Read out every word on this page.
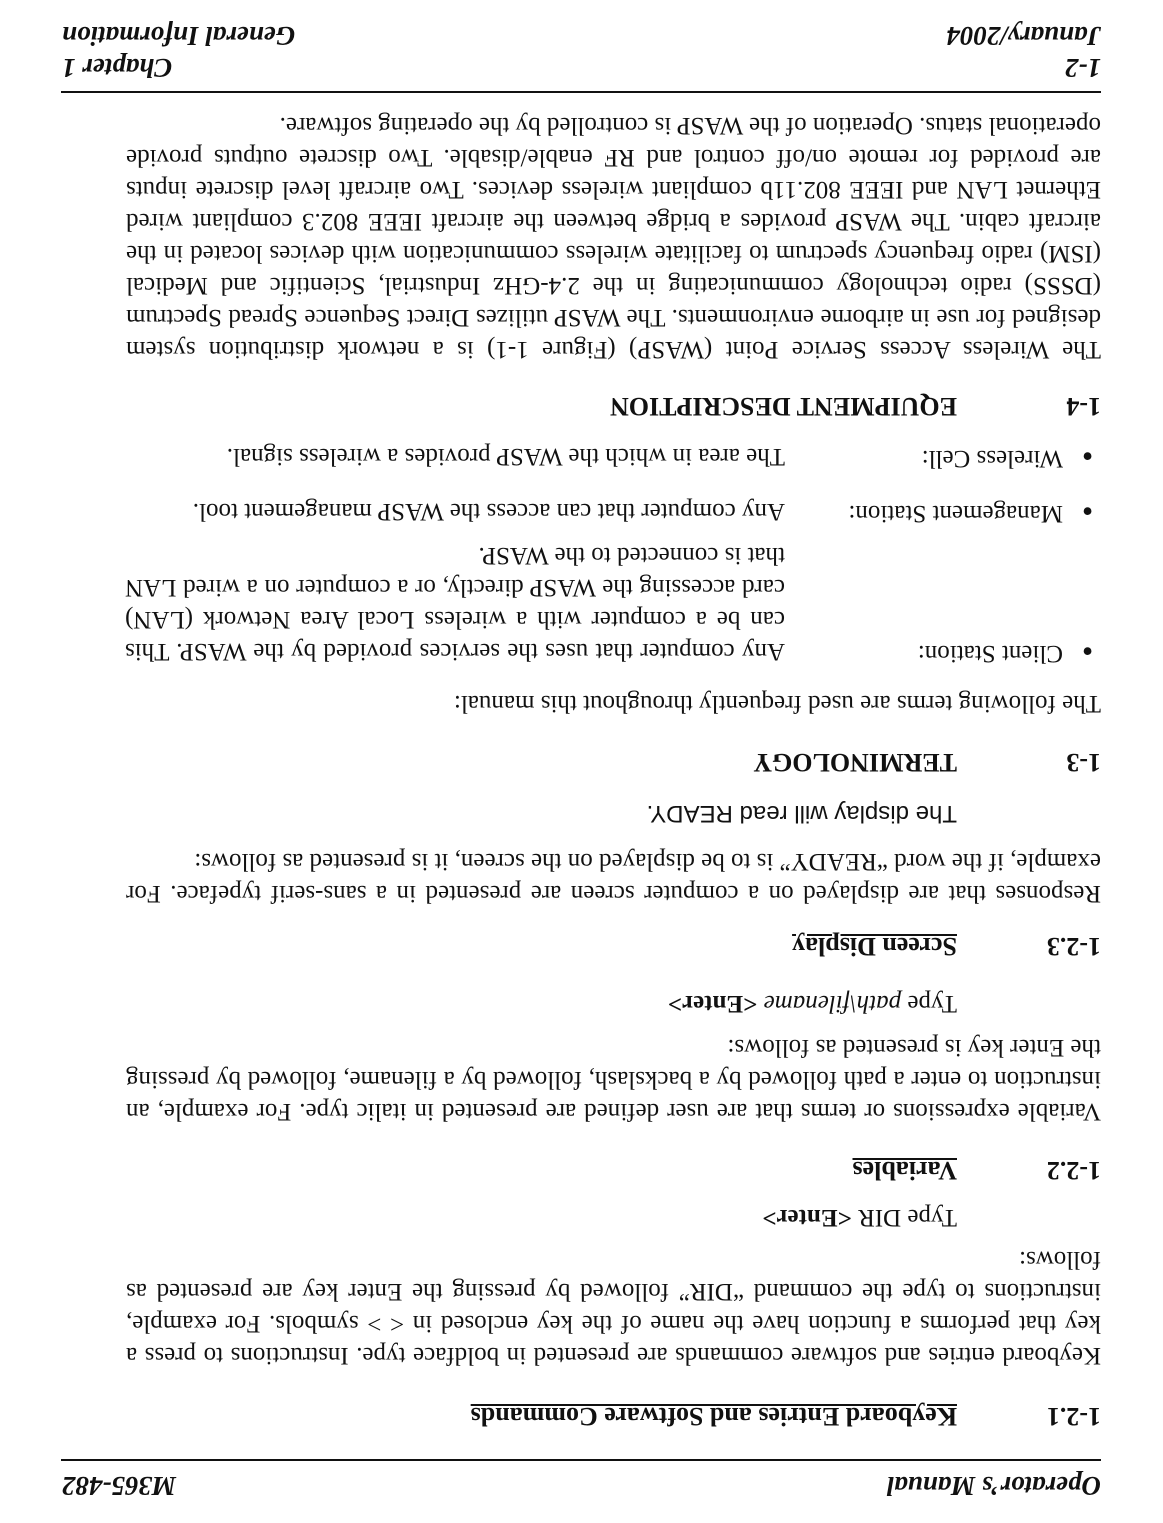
Operator’s Manual
M365-482
1-2.1
Keyboard Entries and Software Commands
Keyboard entries and software commands are presented in boldface type. Instructions to press a key that performs a function have the name of the key enclosed in < > symbols. For example, instructions to type the command “DIR” followed by pressing the Enter key are presented as follows:
Type DIR <Enter>
1-2.2
Variables
Variable expressions or terms that are user defined are presented in italic type. For example, an instruction to enter a path followed by a backslash, followed by a filename, followed by pressing the Enter key is presented as follows:
Type path\filename <Enter>
1-2.3
Screen Display
Responses that are displayed on a computer screen are presented in a sans-serif typeface. For example, if the word “READY” is to be displayed on the screen, it is presented as follows:
The display will read READY.
1-3
TERMINOLOGY
The following terms are used frequently throughout this manual:
●
Client Station:
Any computer that uses the services provided by the WASP. This can be a computer with a wireless Local Area Network (LAN) card accessing the WASP directly, or a computer on a wired LAN that is connected to the WASP.
●
Management Station:
Any computer that can access the WASP management tool.
●
Wireless Cell:
The area in which the WASP provides a wireless signal.
1-4
EQUIPMENT DESCRIPTION
The Wireless Access Service Point (WASP) (Figure 1-1) is a network distribution system designed for use in airborne environments. The WASP utilizes Direct Sequence Spread Spectrum (DSSS) radio technology communicating in the 2.4-GHz Industrial, Scientific and Medical (ISM) radio frequency spectrum to facilitate wireless communication with devices located in the aircraft cabin. The WASP provides a bridge between the aircraft IEEE 802.3 compliant wired Ethernet LAN and IEEE 802.11b compliant wireless devices. Two aircraft level discrete inputs are provided for remote on/off control and RF enable/disable. Two discrete outputs provide operational status. Operation of the WASP is controlled by the operating software.
1-2
Chapter 1
January/2004
General Information
